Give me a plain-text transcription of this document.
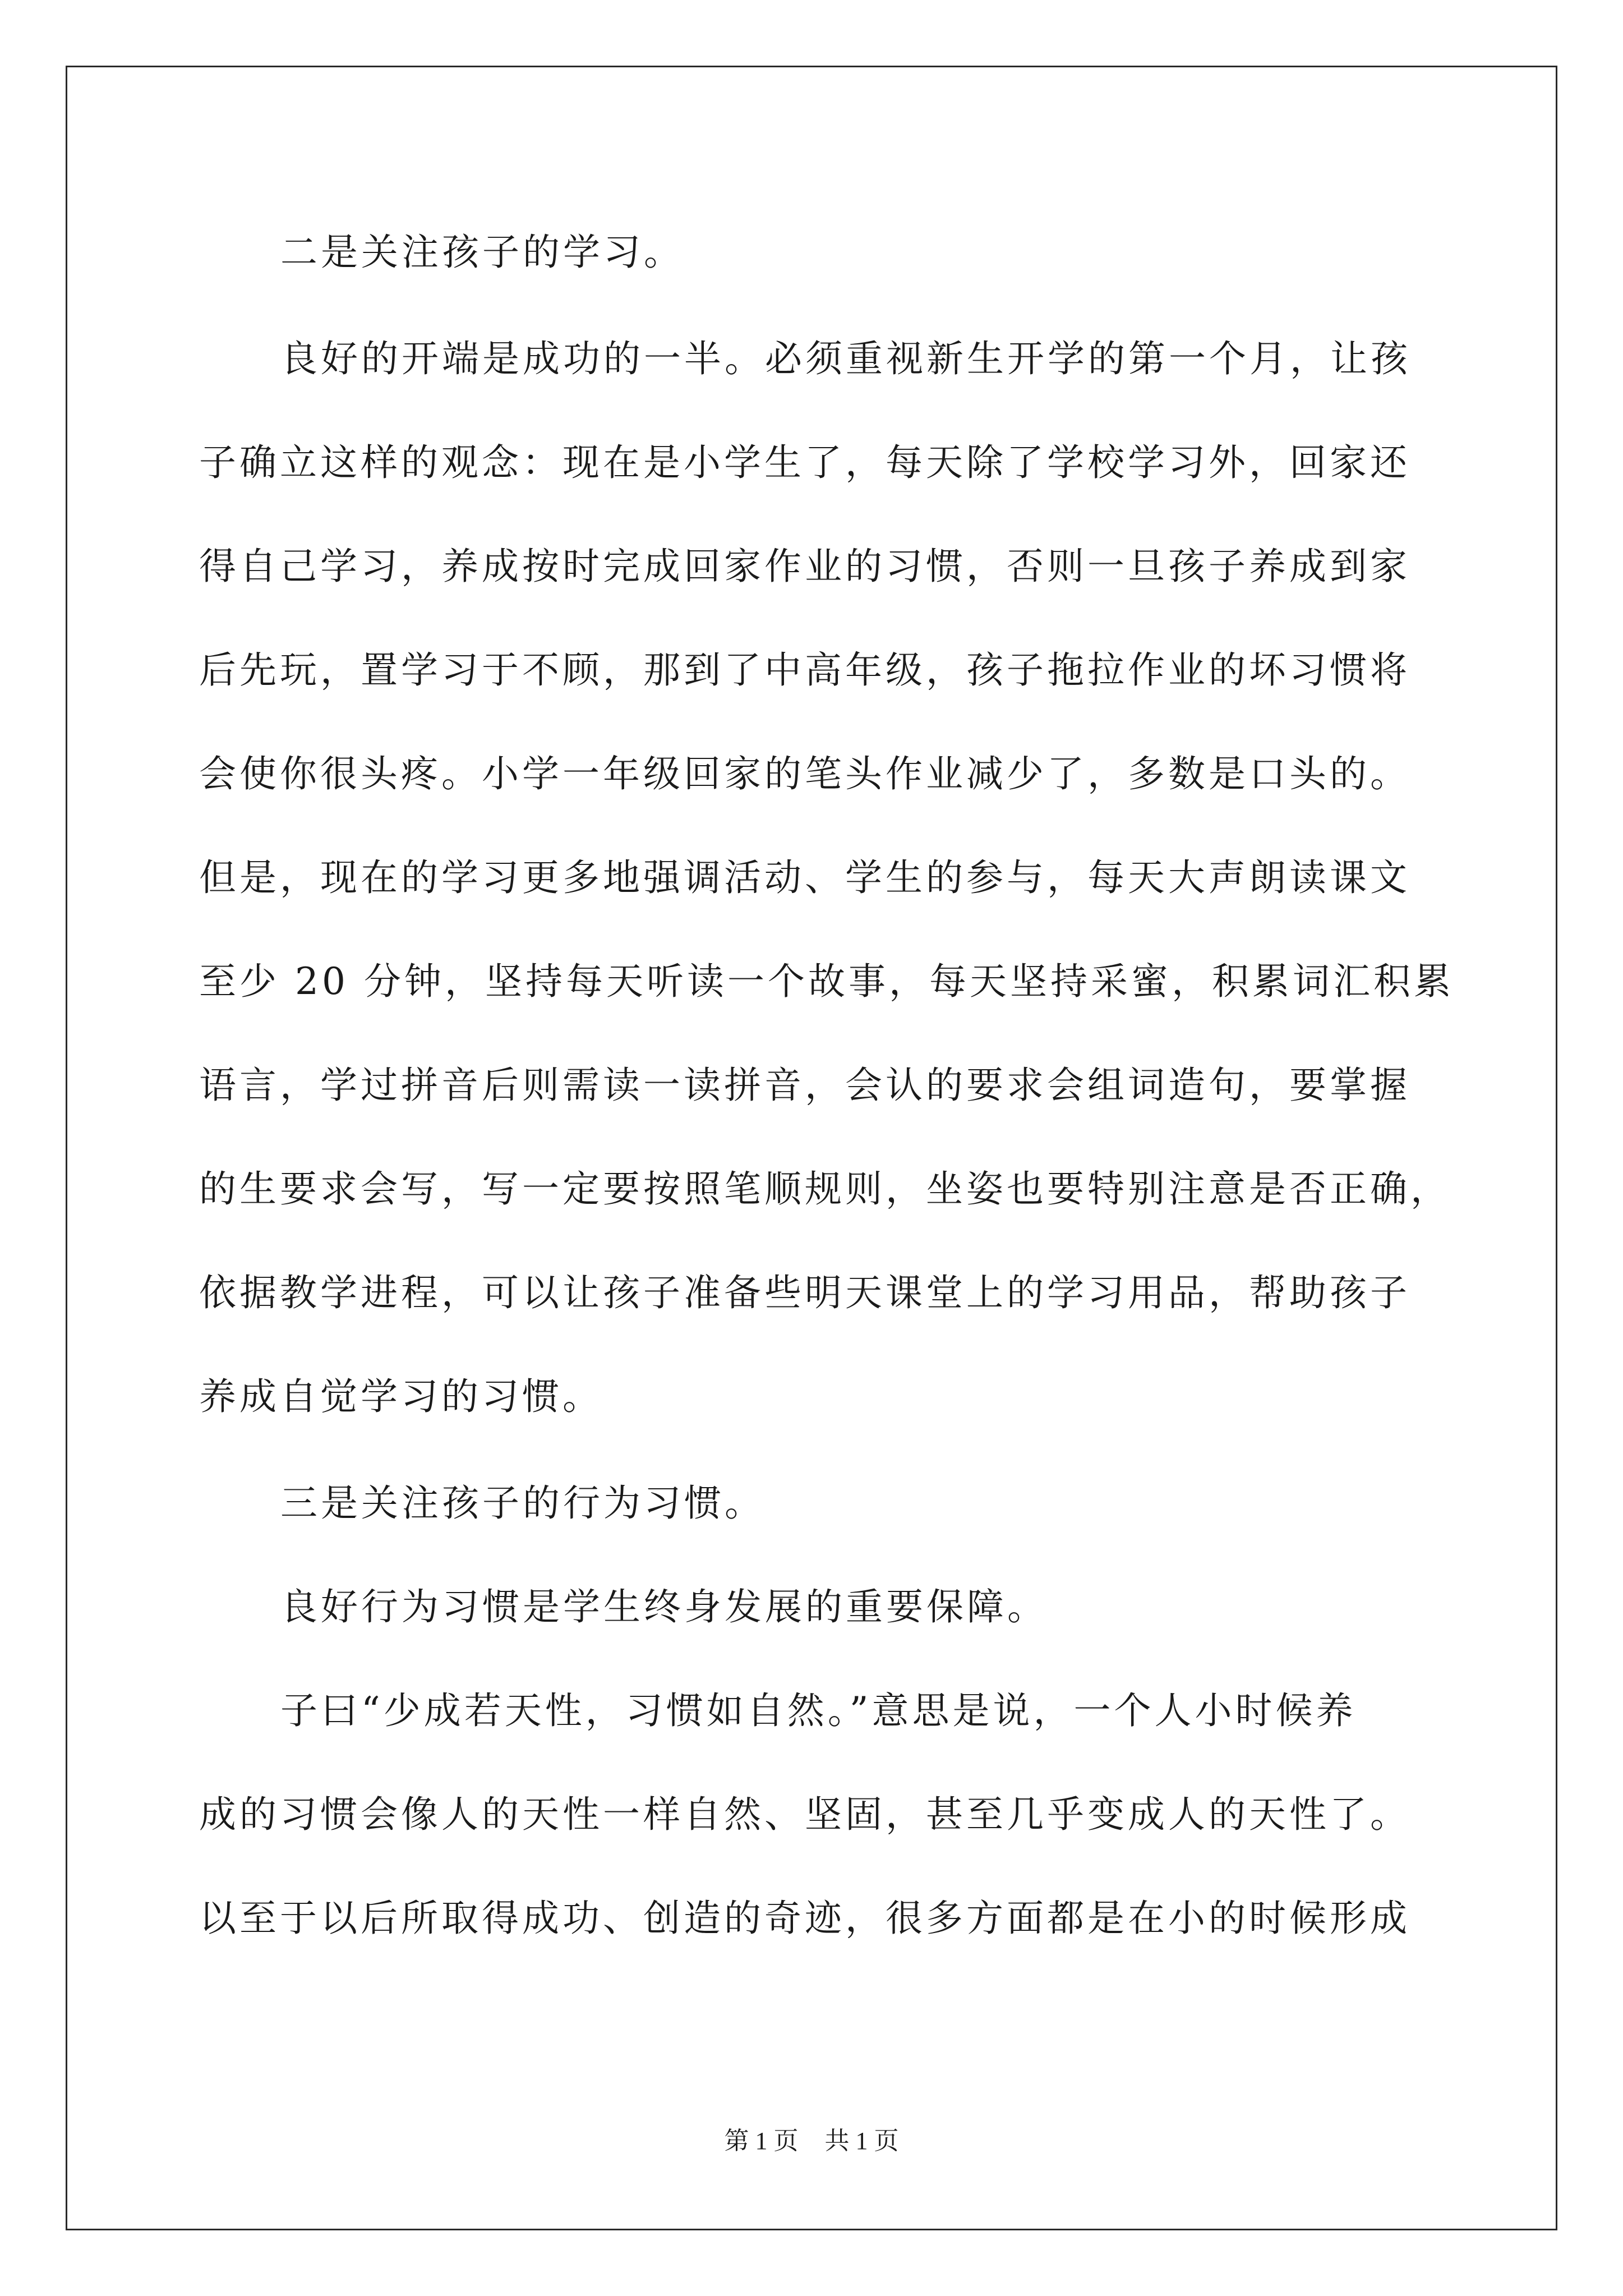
二是关注孩子的学习。
良好的开端是成功的一半。必须重视新生开学的第一个月，让孩
子确立这样的观念：现在是小学生了，每天除了学校学习外，回家还
得自己学习，养成按时完成回家作业的习惯，否则一旦孩子养成到家
后先玩，置学习于不顾，那到了中高年级，孩子拖拉作业的坏习惯将
会使你很头疼。小学一年级回家的笔头作业减少了，多数是口头的。
但是，现在的学习更多地强调活动、学生的参与，每天大声朗读课文
至少 20 分钟，坚持每天听读一个故事，每天坚持采蜜，积累词汇积累
语言，学过拼音后则需读一读拼音，会认的要求会组词造句，要掌握
的生要求会写，写一定要按照笔顺规则，坐姿也要特别注意是否正确，
依据教学进程，可以让孩子准备些明天课堂上的学习用品，帮助孩子
养成自觉学习的习惯。
三是关注孩子的行为习惯。
良好行为习惯是学生终身发展的重要保障。
子曰“少成若天性，习惯如自然。”意思是说，一个人小时候养
成的习惯会像人的天性一样自然、坚固，甚至几乎变成人的天性了。
以至于以后所取得成功、创造的奇迹，很多方面都是在小的时候形成
第 1 页 共 1 页
